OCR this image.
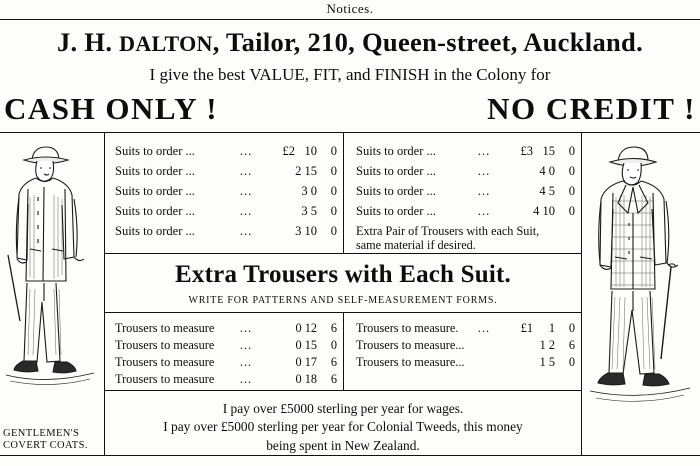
Notices.
J. H. DALTON, Tailor, 210, Queen-street, Auckland.
I give the best VALUE, FIT, and FINISH in the Colony for
CASH ONLY !	NO CREDIT !
GENTLEMEN'S
COVERT COATS.
Suits to order ...	...	£2	10	0
Suits to order ...	...		2 15	0
Suits to order ...	...		3 0	0
Suits to order ...	...		3 5	0
Suits to order ...	...		3 10	0
Suits to order ...	...	£3	15	0
Suits to order ...	...		4 0	0
Suits to order ...	...		4 5	0
Suits to order ...	...		4 10	0
Extra Pair of Trousers with each Suit,
same material if desired.
Extra Trousers with Each Suit.
WRITE FOR PATTERNS AND SELF-MEASUREMENT FORMS.
Trousers to measure	...		0 12	6
Trousers to measure	...		0 15	0
Trousers to measure	...		0 17	6
Trousers to measure	...		0 18	6
Trousers to measure.	...	£1	1	0
Trousers to measure...			1 2	6
Trousers to measure...			1 5	0
I pay over £5000 sterling per year for wages.
I pay over £5000 sterling per year for Colonial Tweeds, this money
being spent in New Zealand.
